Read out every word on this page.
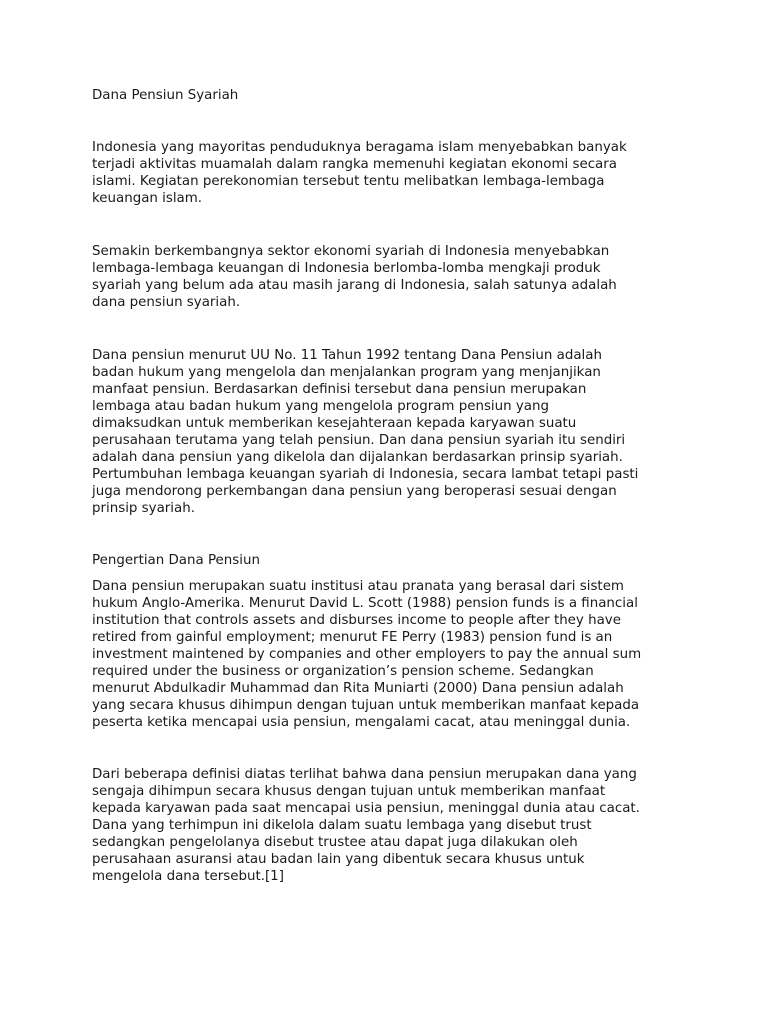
Dana Pensiun Syariah

Indonesia yang mayoritas penduduknya beragama islam menyebabkan banyak
terjadi aktivitas muamalah dalam rangka memenuhi kegiatan ekonomi secara
islami. Kegiatan perekonomian tersebut tentu melibatkan lembaga-lembaga
keuangan islam.

Semakin berkembangnya sektor ekonomi syariah di Indonesia menyebabkan
lembaga-lembaga keuangan di Indonesia berlomba-lomba mengkaji produk
syariah yang belum ada atau masih jarang di Indonesia, salah satunya adalah
dana pensiun syariah.

Dana pensiun menurut UU No. 11 Tahun 1992 tentang Dana Pensiun adalah
badan hukum yang mengelola dan menjalankan program yang menjanjikan
manfaat pensiun. Berdasarkan definisi tersebut dana pensiun merupakan
lembaga atau badan hukum yang mengelola program pensiun yang
dimaksudkan untuk memberikan kesejahteraan kepada karyawan suatu
perusahaan terutama yang telah pensiun. Dan dana pensiun syariah itu sendiri
adalah dana pensiun yang dikelola dan dijalankan berdasarkan prinsip syariah.
Pertumbuhan lembaga keuangan syariah di Indonesia, secara lambat tetapi pasti
juga mendorong perkembangan dana pensiun yang beroperasi sesuai dengan
prinsip syariah.

Pengertian Dana Pensiun

Dana pensiun merupakan suatu institusi atau pranata yang berasal dari sistem
hukum Anglo-Amerika. Menurut David L. Scott (1988) pension funds is a financial
institution that controls assets and disburses income to people after they have
retired from gainful employment; menurut FE Perry (1983) pension fund is an
investment maintened by companies and other employers to pay the annual sum
required under the business or organization’s pension scheme. Sedangkan
menurut Abdulkadir Muhammad dan Rita Muniarti (2000) Dana pensiun adalah
yang secara khusus dihimpun dengan tujuan untuk memberikan manfaat kepada
peserta ketika mencapai usia pensiun, mengalami cacat, atau meninggal dunia.

Dari beberapa definisi diatas terlihat bahwa dana pensiun merupakan dana yang
sengaja dihimpun secara khusus dengan tujuan untuk memberikan manfaat
kepada karyawan pada saat mencapai usia pensiun, meninggal dunia atau cacat.
Dana yang terhimpun ini dikelola dalam suatu lembaga yang disebut trust
sedangkan pengelolanya disebut trustee atau dapat juga dilakukan oleh
perusahaan asuransi atau badan lain yang dibentuk secara khusus untuk
mengelola dana tersebut.[1]
